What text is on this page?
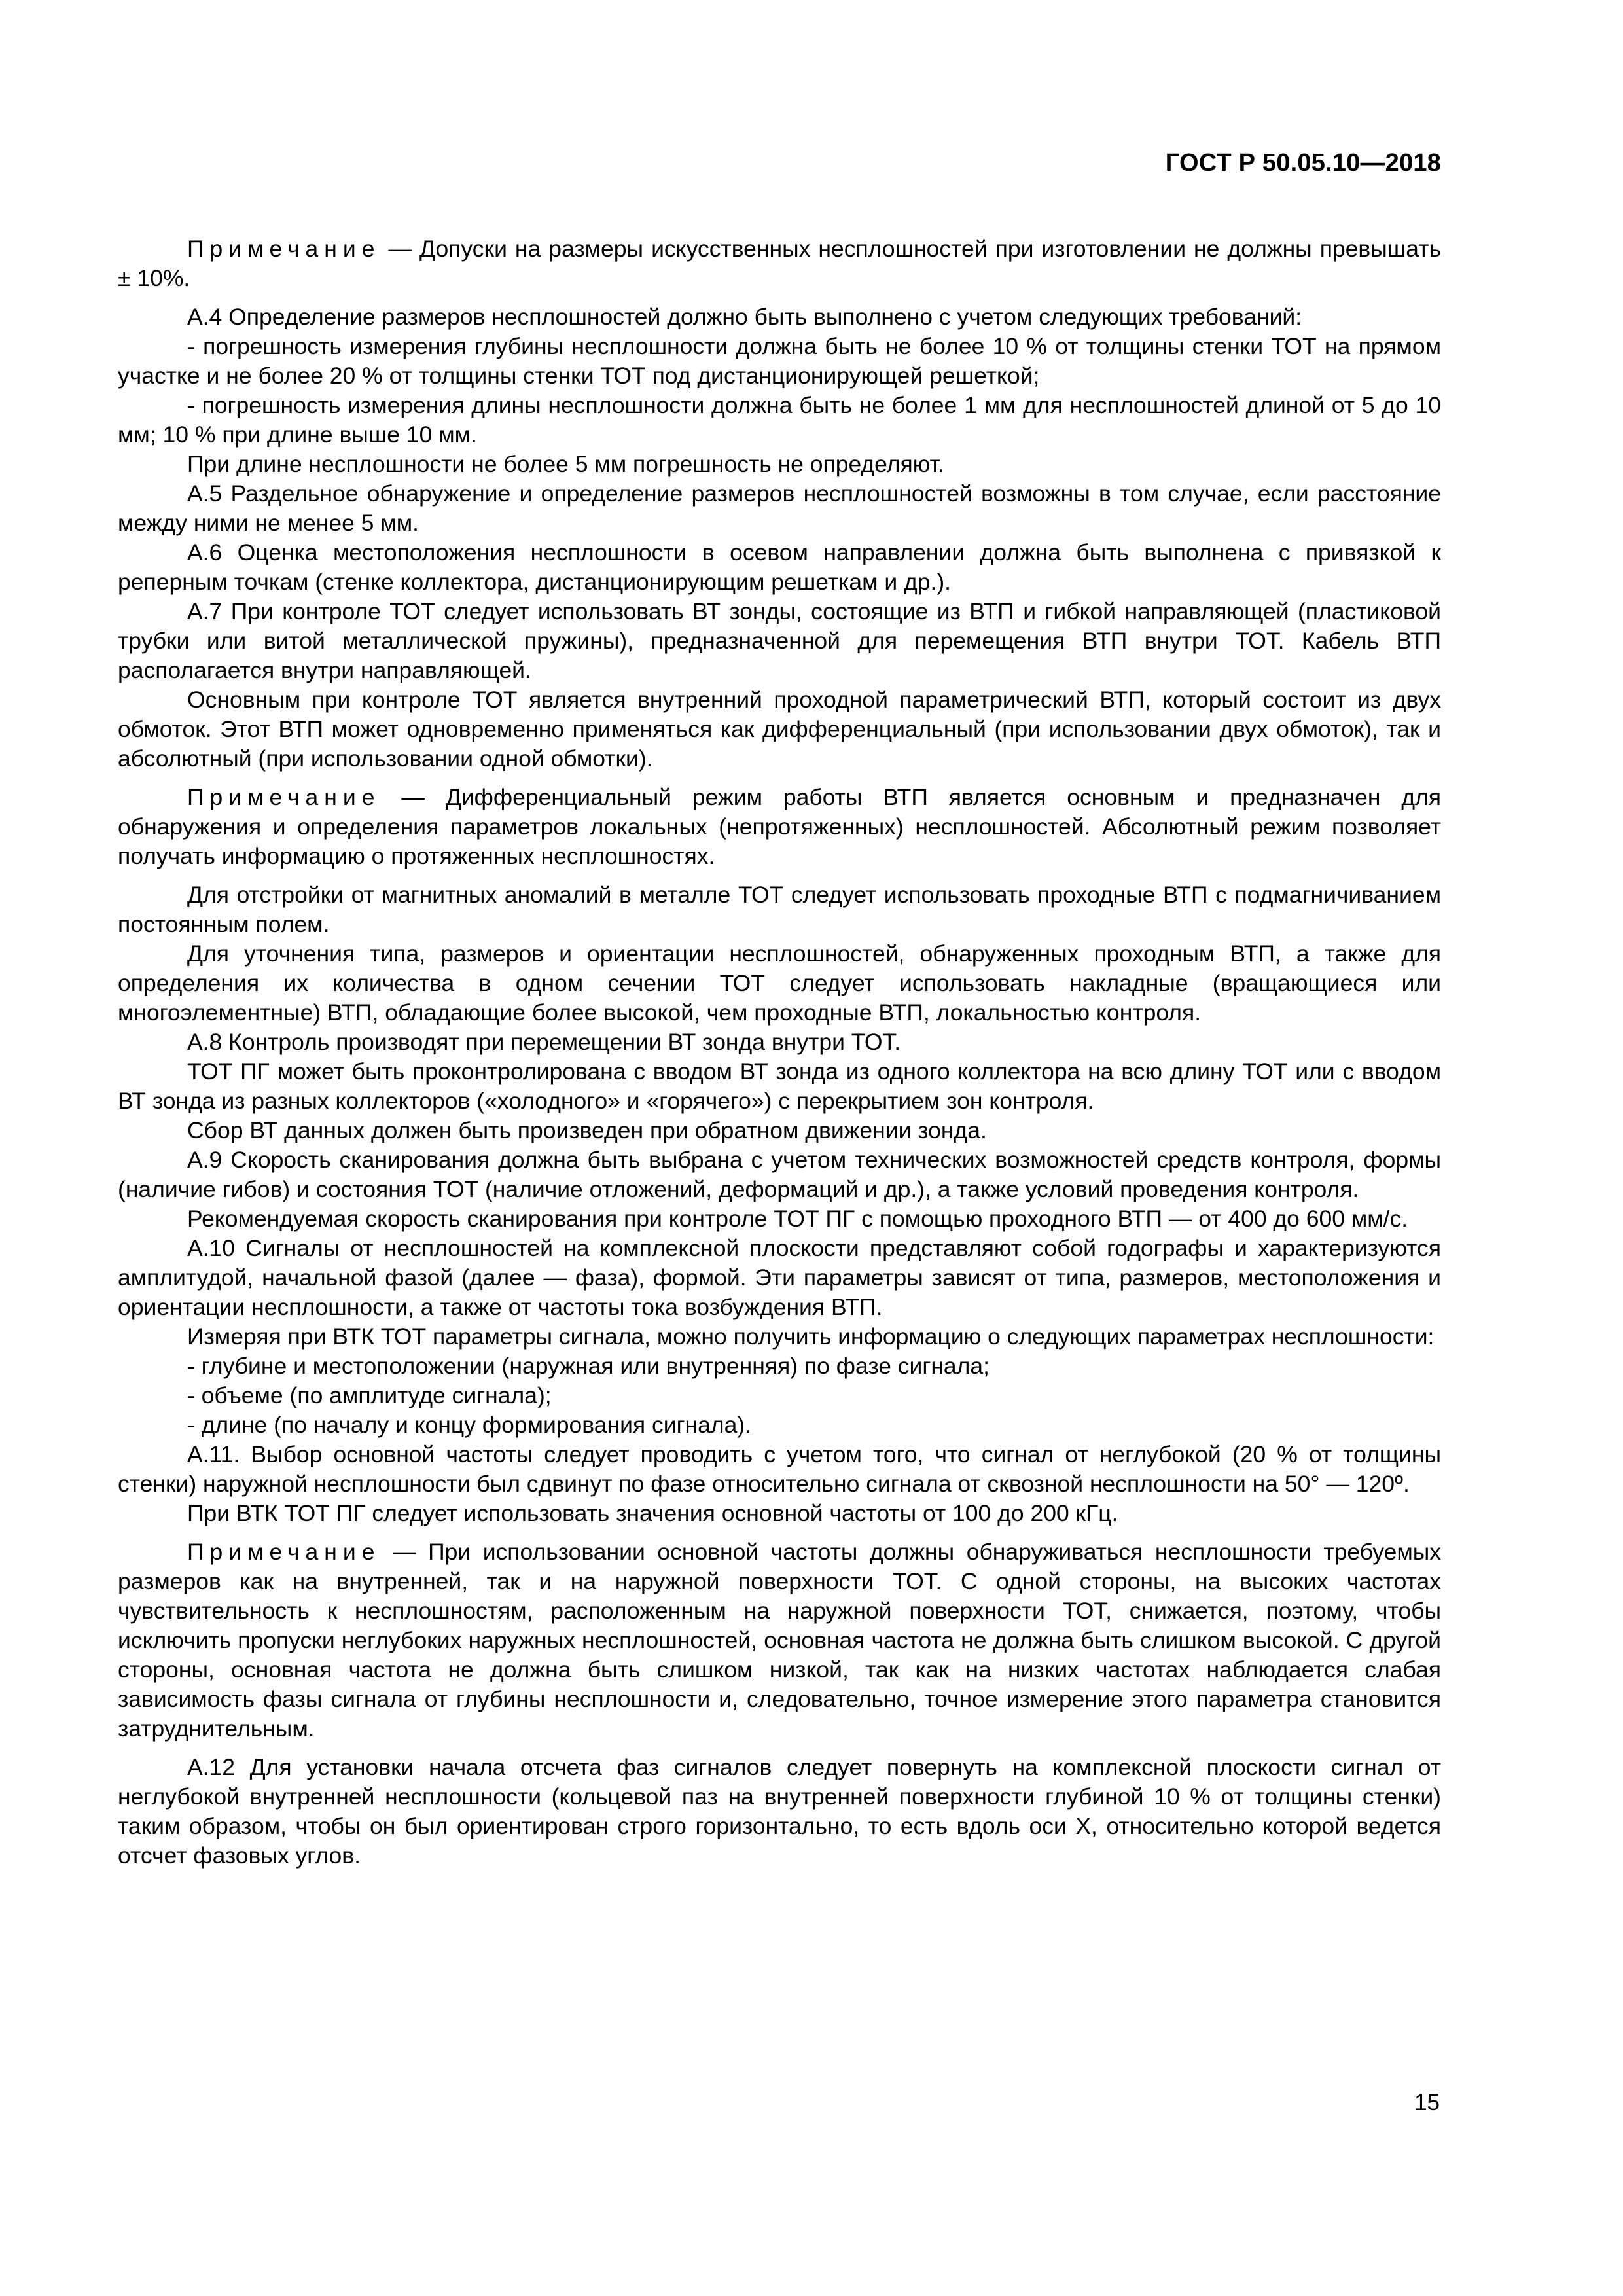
ГОСТ Р 50.05.10—2018

Примечание — Допуски на размеры искусственных несплошностей при изготовлении не должны превышать ± 10%.

А.4 Определение размеров несплошностей должно быть выполнено с учетом следующих требований:

- погрешность измерения глубины несплошности должна быть не более 10 % от толщины стенки ТОТ на прямом участке и не более 20 % от толщины стенки ТОТ под дистанционирующей решеткой;

- погрешность измерения длины несплошности должна быть не более 1 мм для несплошностей длиной от 5 до 10 мм; 10 % при длине выше 10 мм.

При длине несплошности не более 5 мм погрешность не определяют.

А.5 Раздельное обнаружение и определение размеров несплошностей возможны в том случае, если расстояние между ними не менее 5 мм.

А.6 Оценка местоположения несплошности в осевом направлении должна быть выполнена с привязкой к реперным точкам (стенке коллектора, дистанционирующим решеткам и др.).

А.7 При контроле ТОТ следует использовать ВТ зонды, состоящие из ВТП и гибкой направляющей (пластиковой трубки или витой металлической пружины), предназначенной для перемещения ВТП внутри ТОТ. Кабель ВТП располагается внутри направляющей.

Основным при контроле ТОТ является внутренний проходной параметрический ВТП, который состоит из двух обмоток. Этот ВТП может одновременно применяться как дифференциальный (при использовании двух обмоток), так и абсолютный (при использовании одной обмотки).

Примечание — Дифференциальный режим работы ВТП является основным и предназначен для обнаружения и определения параметров локальных (непротяженных) несплошностей. Абсолютный режим позволяет получать информацию о протяженных несплошностях.

Для отстройки от магнитных аномалий в металле ТОТ следует использовать проходные ВТП с подмагничиванием постоянным полем.

Для уточнения типа, размеров и ориентации несплошностей, обнаруженных проходным ВТП, а также для определения их количества в одном сечении ТОТ следует использовать накладные (вращающиеся или многоэлементные) ВТП, обладающие более высокой, чем проходные ВТП, локальностью контроля.

А.8 Контроль производят при перемещении ВТ зонда внутри ТОТ.

ТОТ ПГ может быть проконтролирована с вводом ВТ зонда из одного коллектора на всю длину ТОТ или с вводом ВТ зонда из разных коллекторов («холодного» и «горячего») с перекрытием зон контроля.

Сбор ВТ данных должен быть произведен при обратном движении зонда.

А.9 Скорость сканирования должна быть выбрана с учетом технических возможностей средств контроля, формы (наличие гибов) и состояния ТОТ (наличие отложений, деформаций и др.), а также условий проведения контроля.

Рекомендуемая скорость сканирования при контроле ТОТ ПГ с помощью проходного ВТП — от 400 до 600 мм/с.

А.10 Сигналы от несплошностей на комплексной плоскости представляют собой годографы и характеризуются амплитудой, начальной фазой (далее — фаза), формой. Эти параметры зависят от типа, размеров, местоположения и ориентации несплошности, а также от частоты тока возбуждения ВТП.

Измеряя при ВТК ТОТ параметры сигнала, можно получить информацию о следующих параметрах несплошности:

- глубине и местоположении (наружная или внутренняя) по фазе сигнала;

- объеме (по амплитуде сигнала);

- длине (по началу и концу формирования сигнала).

А.11. Выбор основной частоты следует проводить с учетом того, что сигнал от неглубокой (20 % от толщины стенки) наружной несплошности был сдвинут по фазе относительно сигнала от сквозной несплошности на 50° — 120º.

При ВТК ТОТ ПГ следует использовать значения основной частоты от 100 до 200 кГц.

Примечание — При использовании основной частоты должны обнаруживаться несплошности требуемых размеров как на внутренней, так и на наружной поверхности ТОТ. С одной стороны, на высоких частотах чувствительность к несплошностям, расположенным на наружной поверхности ТОТ, снижается, поэтому, чтобы исключить пропуски неглубоких наружных несплошностей, основная частота не должна быть слишком высокой. С другой стороны, основная частота не должна быть слишком низкой, так как на низких частотах наблюдается слабая зависимость фазы сигнала от глубины несплошности и, следовательно, точное измерение этого параметра становится затруднительным.

А.12 Для установки начала отсчета фаз сигналов следует повернуть на комплексной плоскости сигнал от неглубокой внутренней несплошности (кольцевой паз на внутренней поверхности глубиной 10 % от толщины стенки) таким образом, чтобы он был ориентирован строго горизонтально, то есть вдоль оси X, относительно которой ведется отсчет фазовых углов.

15
